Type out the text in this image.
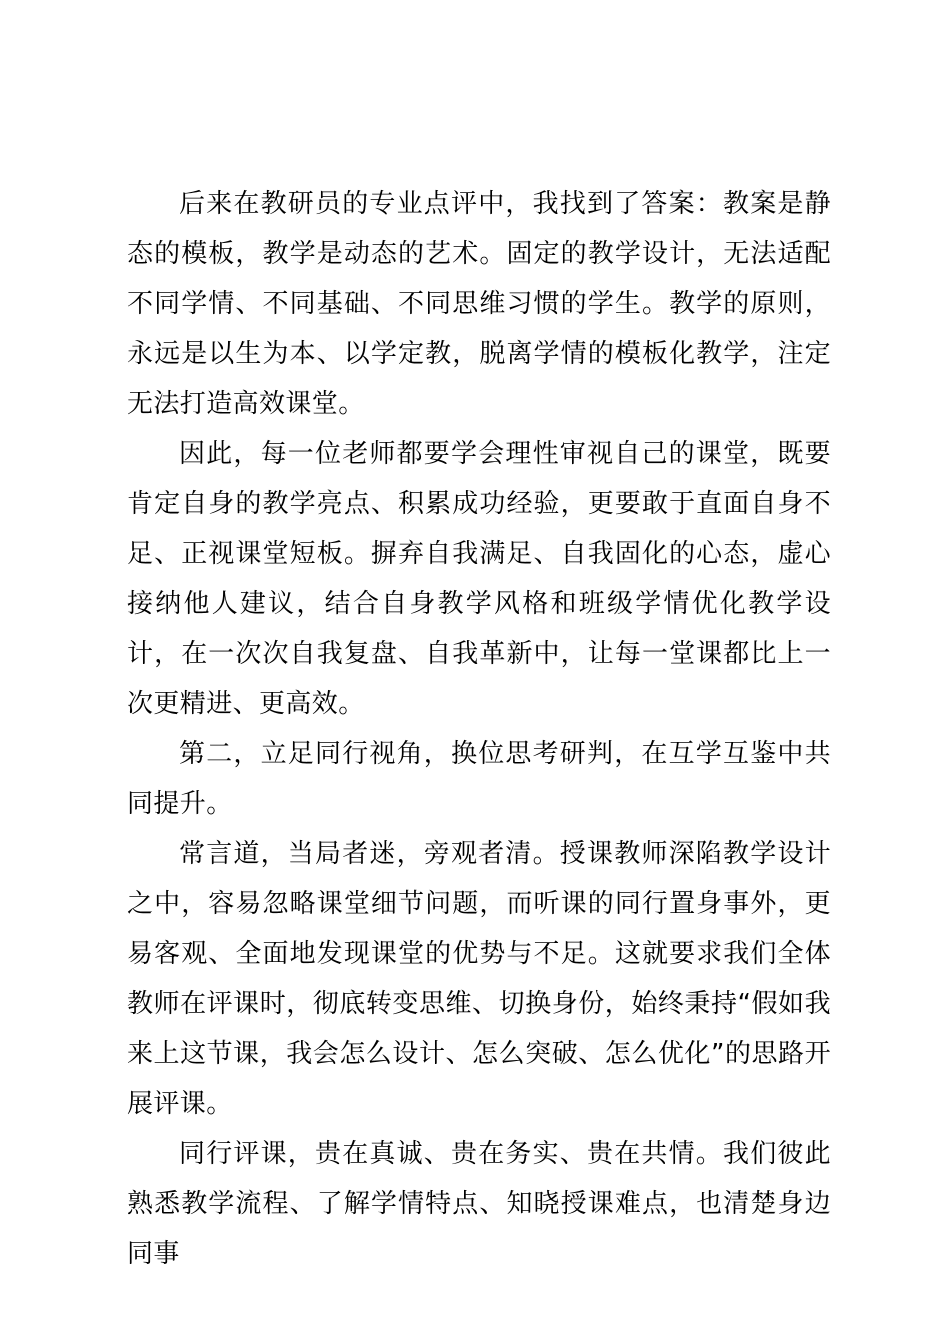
后来在教研员的专业点评中，我找到了答案：教案是静态的模板，教学是动态的艺术。固定的教学设计，无法适配不同学情、不同基础、不同思维习惯的学生。教学的原则，永远是以生为本、以学定教，脱离学情的模板化教学，注定无法打造高效课堂。

因此，每一位老师都要学会理性审视自己的课堂，既要肯定自身的教学亮点、积累成功经验，更要敢于直面自身不足、正视课堂短板。摒弃自我满足、自我固化的心态，虚心接纳他人建议，结合自身教学风格和班级学情优化教学设计，在一次次自我复盘、自我革新中，让每一堂课都比上一次更精进、更高效。

第二，立足同行视角，换位思考研判，在互学互鉴中共同提升。

常言道，当局者迷，旁观者清。授课教师深陷教学设计之中，容易忽略课堂细节问题，而听课的同行置身事外，更易客观、全面地发现课堂的优势与不足。这就要求我们全体教师在评课时，彻底转变思维、切换身份，始终秉持“假如我来上这节课，我会怎么设计、怎么突破、怎么优化”的思路开展评课。

同行评课，贵在真诚、贵在务实、贵在共情。我们彼此熟悉教学流程、了解学情特点、知晓授课难点，也清楚身边同事
